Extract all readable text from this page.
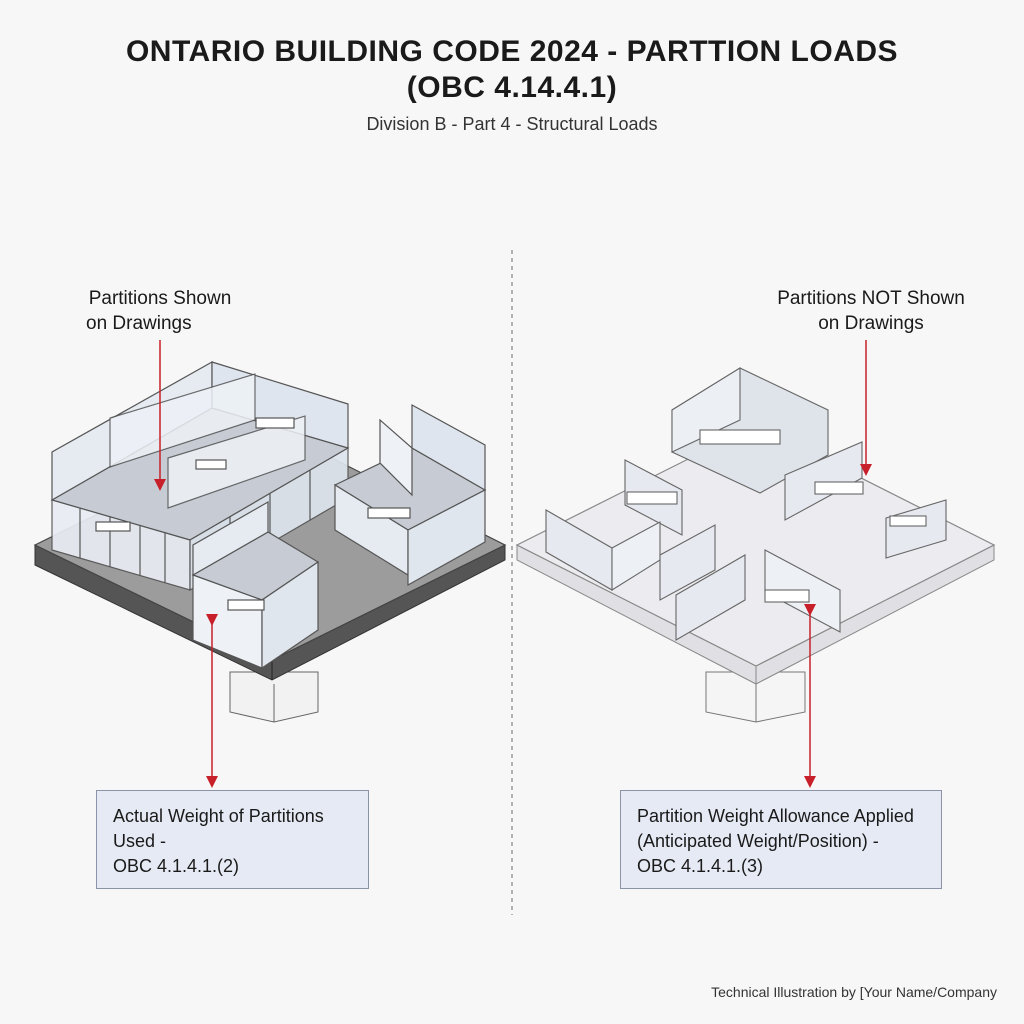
ONTARIO BUILDING CODE 2024 - PARTTION LOADS
(OBC 4.14.4.1)
Division B - Part 4 - Structural Loads
Partitions Shown
on Drawings
Partitions NOT Shown
on Drawings
Actual Weight of Partitions
Used -
OBC 4.1.4.1.(2)
Partition Weight Allowance Applied
(Anticipated Weight/Position) -
OBC 4.1.4.1.(3)
Technical Illustration by [Your Name/Company
